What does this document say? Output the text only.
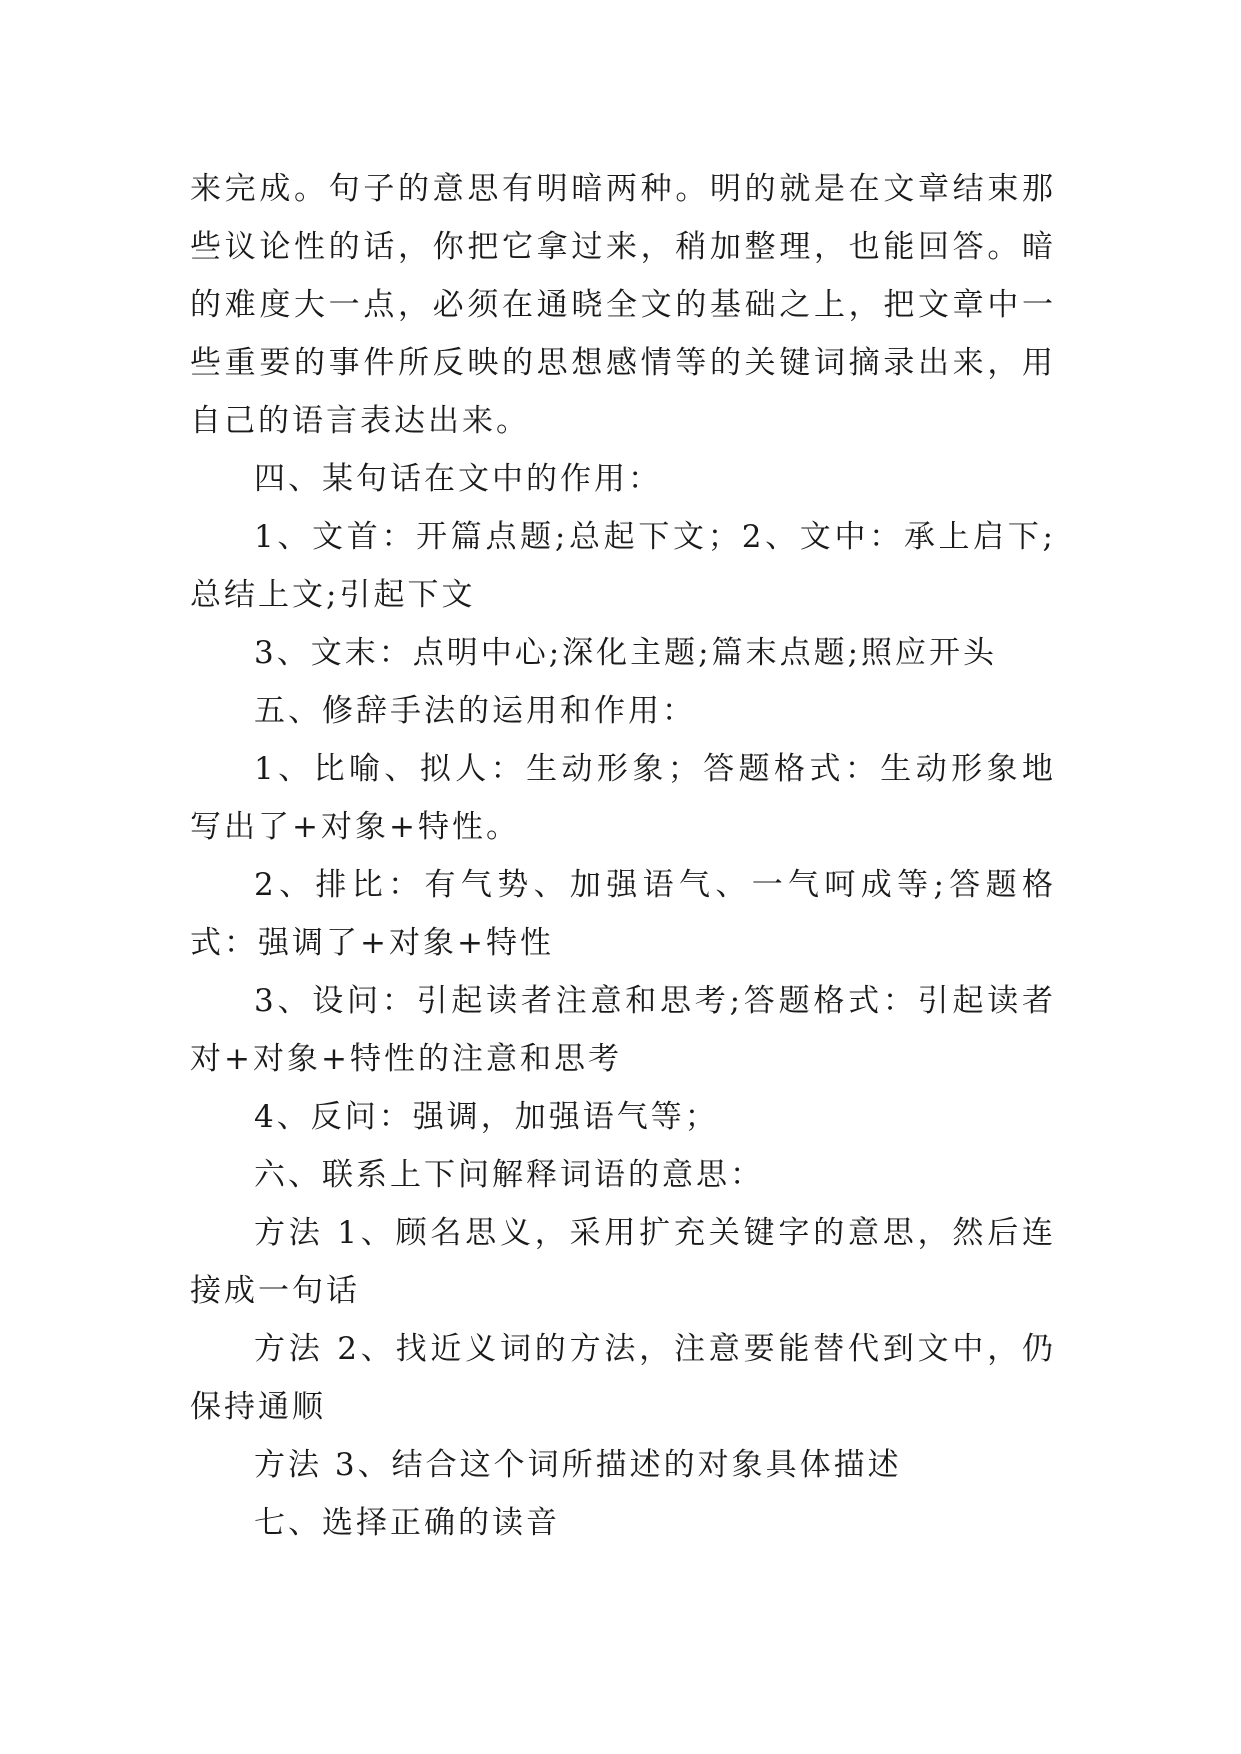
来完成。句子的意思有明暗两种。明的就是在文章结束那些议论性的话，你把它拿过来，稍加整理，也能回答。暗的难度大一点，必须在通晓全文的基础之上，把文章中一些重要的事件所反映的思想感情等的关键词摘录出来，用自己的语言表达出来。

四、某句话在文中的作用：

1、文首：开篇点题;总起下文；2、文中：承上启下;总结上文;引起下文

3、文末：点明中心;深化主题;篇末点题;照应开头

五、修辞手法的运用和作用：

1、比喻、拟人：生动形象；答题格式：生动形象地写出了+对象+特性。

2、排比：有气势、加强语气、一气呵成等;答题格式：强调了+对象+特性

3、设问：引起读者注意和思考;答题格式：引起读者对+对象+特性的注意和思考

4、反问：强调，加强语气等；

六、联系上下问解释词语的意思：

方法 1、顾名思义，采用扩充关键字的意思，然后连接成一句话

方法 2、找近义词的方法，注意要能替代到文中，仍保持通顺

方法 3、结合这个词所描述的对象具体描述

七、选择正确的读音
